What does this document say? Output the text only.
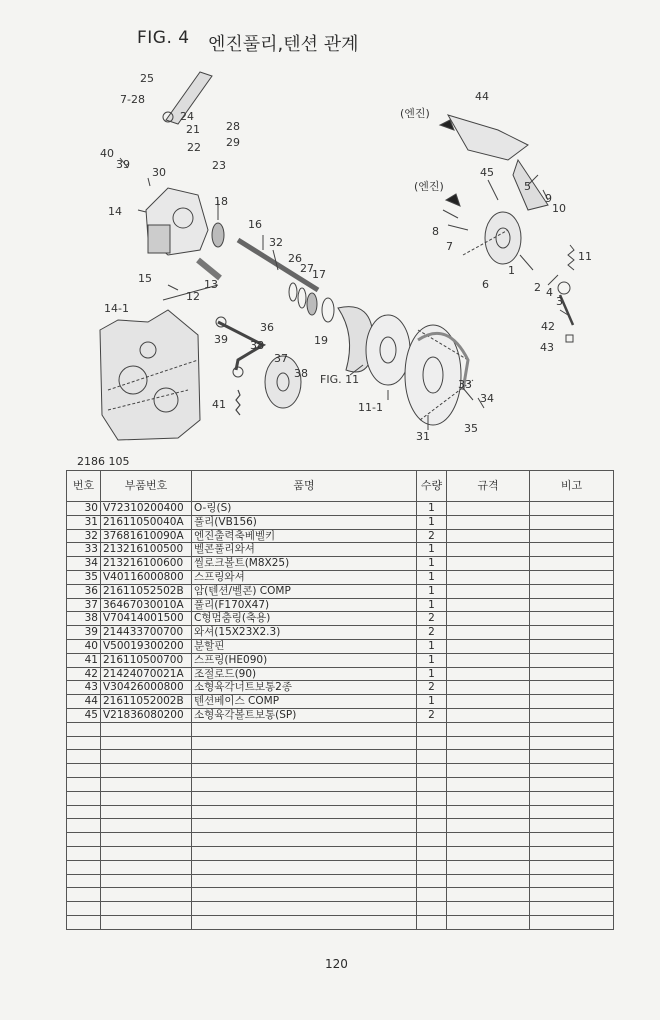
FIG. 4 엔진풀리,텐션 관계
25
7-28
24
21 28
29
22
23
40
39
30
14
18
16
15
32
26
27
17
13
12
14-1
36
39 38
37
38
41
19
FIG. 11
11-1
31
44
(엔진)
(엔진)	5
45
9
10
8
7
11
1
6	2 4
3
42
43
33
34
35
2186 105
번호	부품번호	품명	수량	규격	비고
30	V72310200400	O-링(S)	1		
31	21611050040A	풀리(VB156)	1		
32	37681610090A	엔진출력축베벨키	2		
33	213216100500	벨콘풀리와셔	1		
34	213216100600	씰로크볼트(M8X25)	1		
35	V40116000800	스프링와셔	1		
36	21611052502B	암(텐션/벨콘) COMP	1		
37	36467030010A	풀리(F170X47)	1		
38	V70414001500	C형멈춤링(축용)	2		
39	214433700700	와셔(15X23X2.3)	2		
40	V50019300200	분할핀	1		
41	216110500700	스프링(HE090)	1		
42	21424070021A	조절로드(90)	1		
43	V30426000800	소형육각너트보통2종	2		
44	21611052002B	텐션베이스 COMP	1		
45	V21836080200	소형육각볼트보통(SP)	2		

120
